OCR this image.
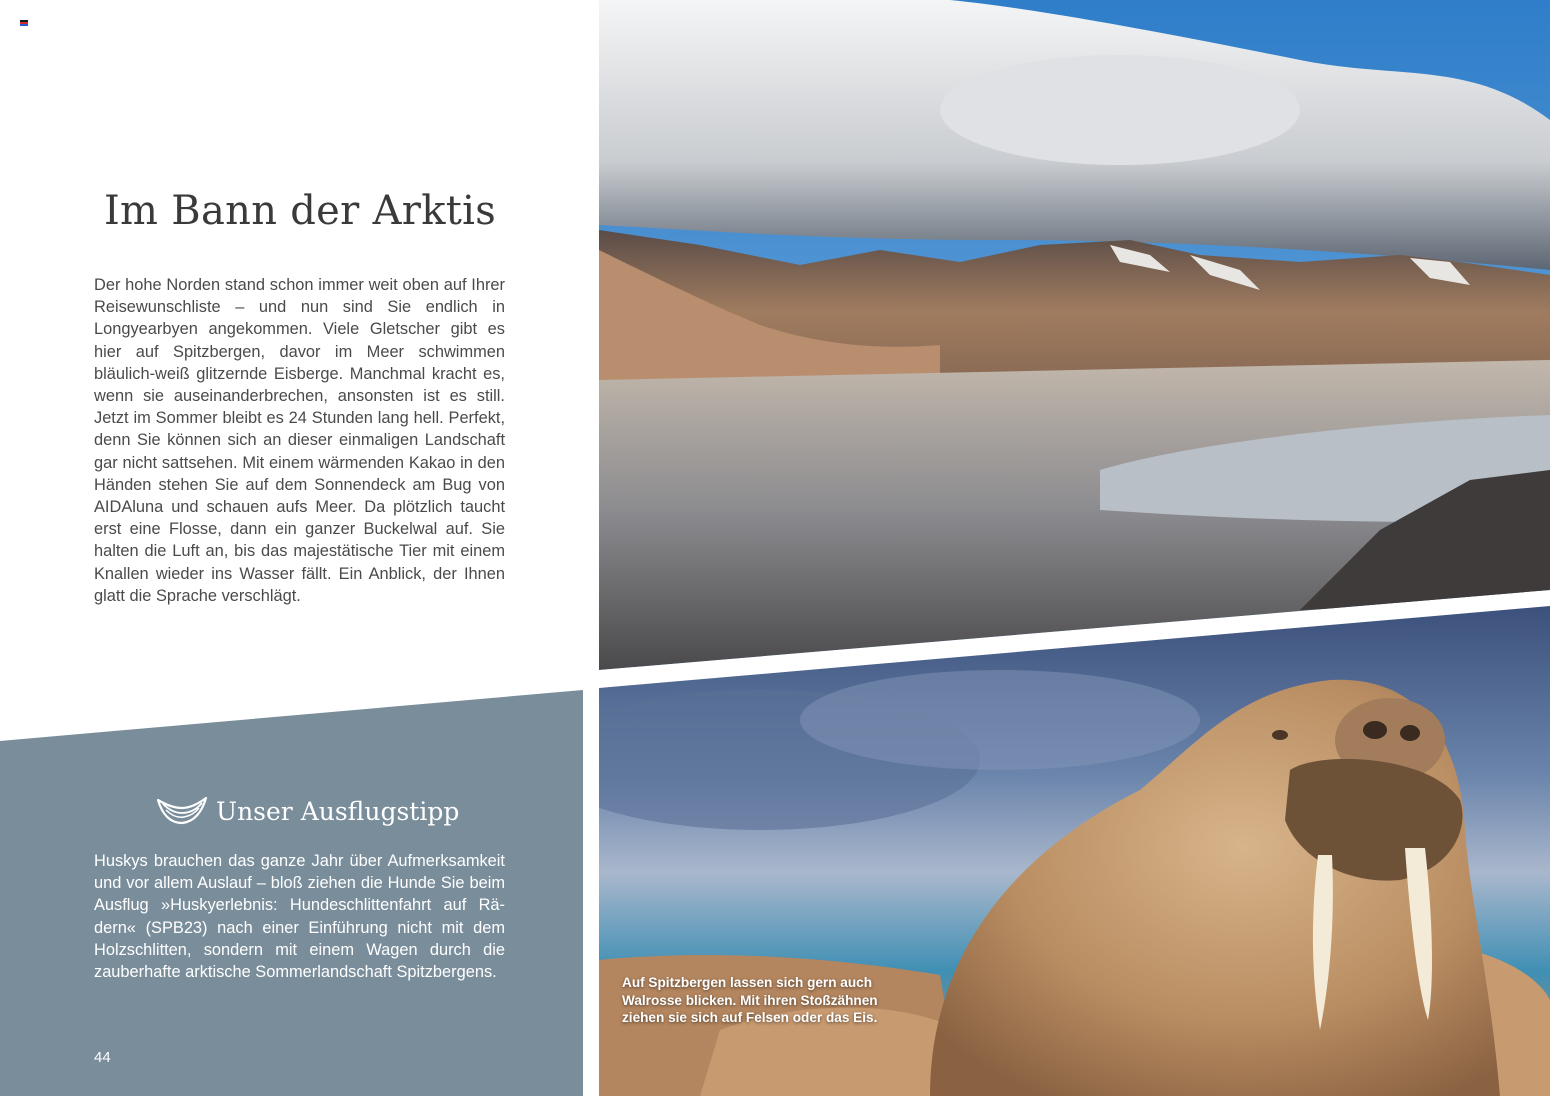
Im Bann der Arktis

Der hohe Norden stand schon immer weit oben auf Ihrer Reisewunschliste – und nun sind Sie endlich in Longyearbyen angekommen. Viele Gletscher gibt es hier auf Spitzbergen, davor im Meer schwimmen bläulich-weiß glitzernde Eisberge. Manchmal kracht es, wenn sie auseinanderbrechen, ansonsten ist es still. Jetzt im Sommer bleibt es 24 Stunden lang hell. Perfekt, denn Sie können sich an dieser einmaligen Landschaft gar nicht sattsehen. Mit einem wärmenden Kakao in den Händen stehen Sie auf dem Sonnendeck am Bug von AIDAluna und schauen aufs Meer. Da plötzlich taucht erst eine Flosse, dann ein ganzer Buckelwal auf. Sie halten die Luft an, bis das majestätische Tier mit einem Knallen wieder ins Wasser fällt. Ein Anblick, der Ihnen glatt die Sprache verschlägt.

Unser Ausflugstipp

Huskys brauchen das ganze Jahr über Aufmerksamkeit und vor allem Auslauf – bloß ziehen die Hunde Sie beim Ausflug »Huskyerlebnis: Hundeschlittenfahrt auf Rädern« (SPB23) nach einer Einführung nicht mit dem Holzschlitten, sondern mit einem Wagen durch die zauberhafte arktische Sommerlandschaft Spitzbergens.

44

Auf Spitzbergen lassen sich gern auch Walrosse blicken. Mit ihren Stoßzähnen ziehen sie sich auf Felsen oder das Eis.
